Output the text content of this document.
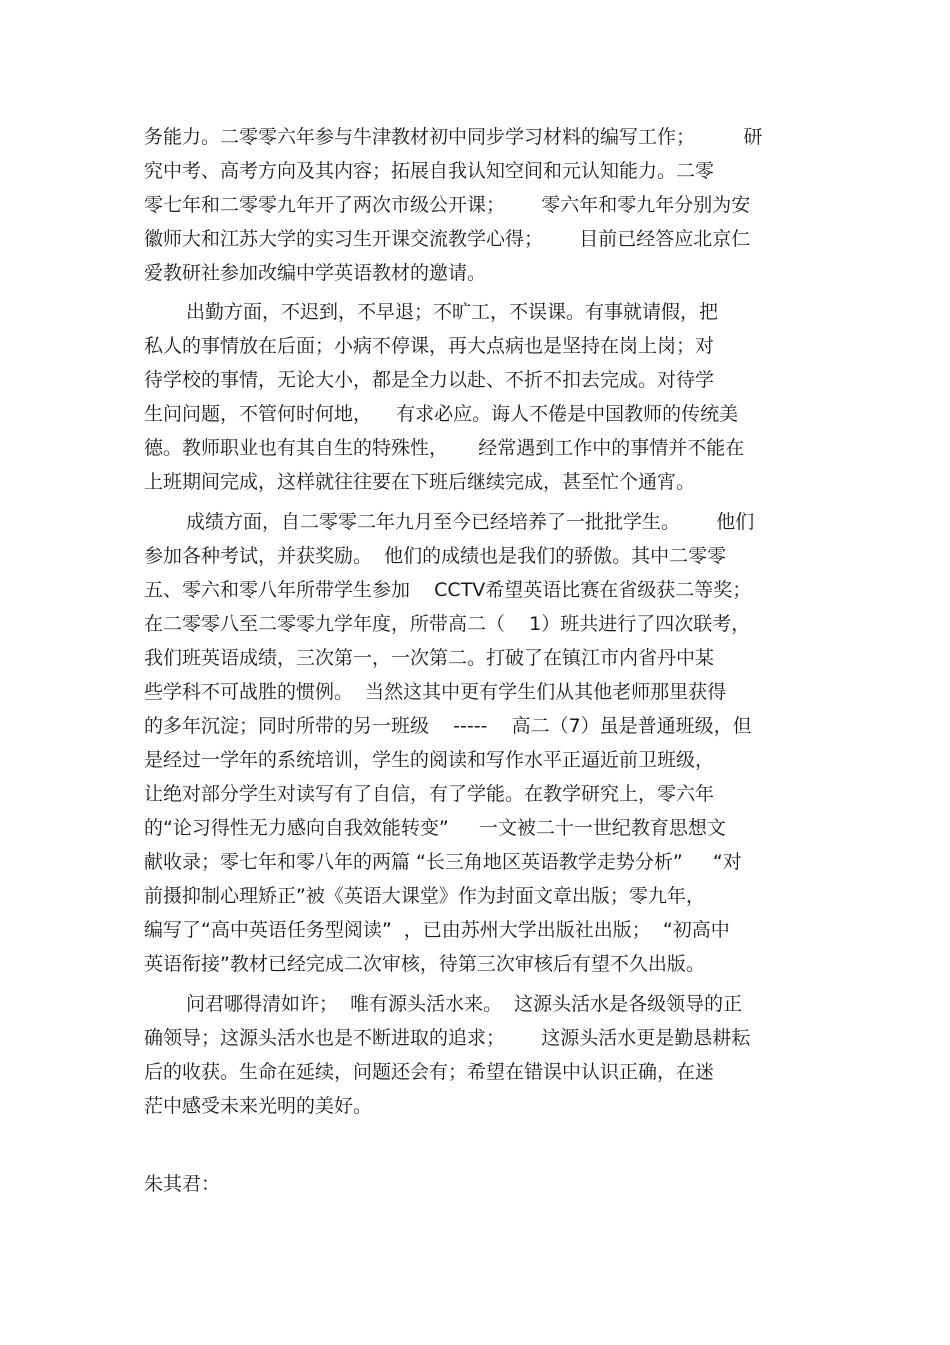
务能力。二零零六年参与牛津教材初中同步学习材料的编写工作；        研
究中考、高考方向及其内容；拓展自我认知空间和元认知能力。二零
零七年和二零零九年开了两次市级公开课；      零六年和零九年分别为安
徽师大和江苏大学的实习生开课交流教学心得；      目前已经答应北京仁
爱教研社参加改编中学英语教材的邀请。
出勤方面，不迟到，不早退；不旷工，不误课。有事就请假，把
私人的事情放在后面；小病不停课，再大点病也是坚持在岗上岗；对
待学校的事情，无论大小，都是全力以赴、不折不扣去完成。对待学
生问问题，不管何时何地，    有求必应。诲人不倦是中国教师的传统美
德。教师职业也有其自生的特殊性，     经常遇到工作中的事情并不能在
上班期间完成，这样就往往要在下班后继续完成，甚至忙个通宵。
成绩方面，自二零零二年九月至今已经培养了一批批学生。      他们
参加各种考试，并获奖励。  他们的成绩也是我们的骄傲。其中二零零
五、零六和零八年所带学生参加    CCTV希望英语比赛在省级获二等奖；
在二零零八至二零零九学年度，所带高二（    1）班共进行了四次联考，
我们班英语成绩，三次第一，一次第二。打破了在镇江市内省丹中某
些学科不可战胜的惯例。  当然这其中更有学生们从其他老师那里获得
的多年沉淀；同时所带的另一班级    -----    高二（7）虽是普通班级，但
是经过一学年的系统培训，学生的阅读和写作水平正逼近前卫班级，
让绝对部分学生对读写有了自信，有了学能。在教学研究上，零六年
的“论习得性无力感向自我效能转变”     一文被二十一世纪教育思想文
献收录；零七年和零八年的两篇 “长三角地区英语教学走势分析”     “对
前摄抑制心理矫正”被《英语大课堂》作为封面文章出版；零九年，
编写了“高中英语任务型阅读”  ，已由苏州大学出版社出版；  “初高中
英语衔接”教材已经完成二次审核，待第三次审核后有望不久出版。
问君哪得清如许；  唯有源头活水来。  这源头活水是各级领导的正
确领导；这源头活水也是不断进取的追求；      这源头活水更是勤恳耕耘
后的收获。生命在延续，问题还会有；希望在错误中认识正确，在迷
茫中感受未来光明的美好。
朱其君：
